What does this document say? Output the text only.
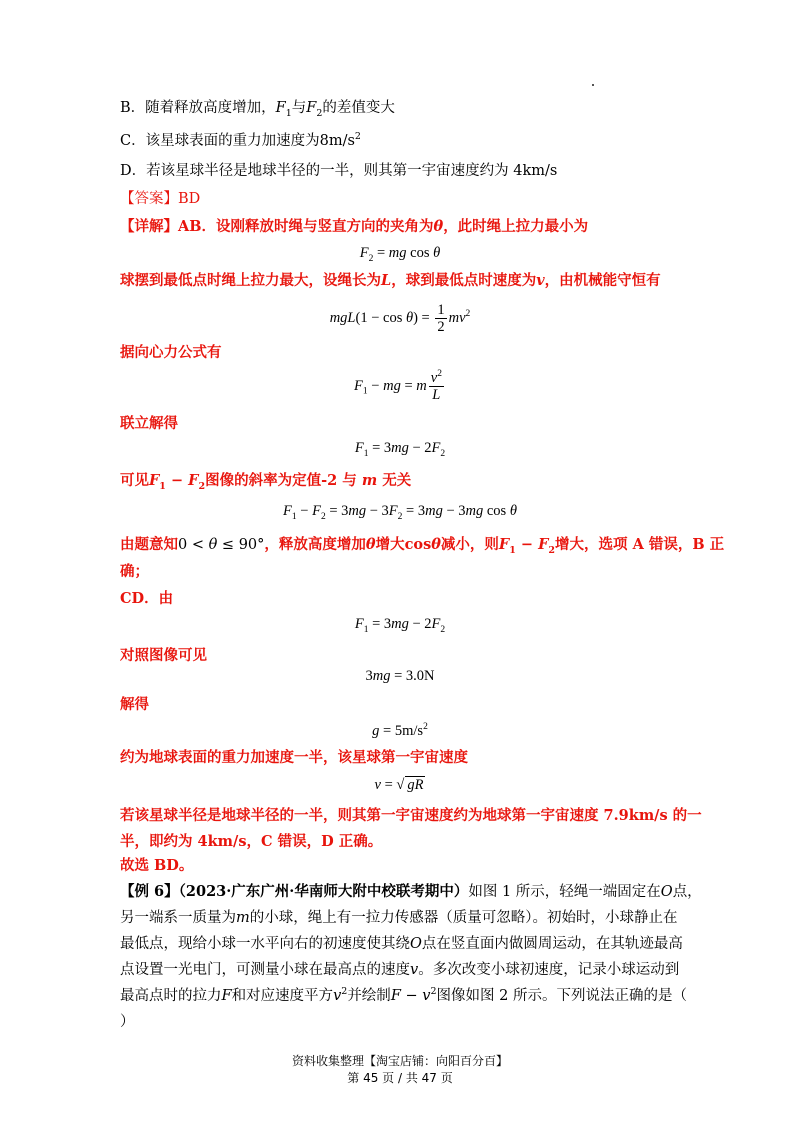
B．随着释放高度增加，$F_1$与$F_2$的差值变大
C．该星球表面的重力加速度为$8m/s^2$
D．若该星球半径是地球半径的一半，则其第一宇宙速度约为 4km/s
【答案】BD
【详解】AB．设刚释放时绳与竖直方向的夹角为θ，此时绳上拉力最小为
$F_2$ = mg cos θ
球摆到最低点时绳上拉力最大，设绳长为L，球到最低点时速度为v，由机械能守恒有
$mgL(1 - \cos \theta) = \frac{1}{2} mv^2$
据向心力公式有
$F_1$ − mg = m $\frac{v^2}{L}$
联立解得
$F_1 = 3mg - 2F_2$
可见$F_1 - F_2$图像的斜率为定值-2 与 m 无关
$F_1 - F_2 = 3mg - 3F_2 = 3mg - 3mg$ cos θ
由题意知0 < θ ≤ 90°，释放高度增加θ增大cosθ减小，则$F_1 - F_2$增大，选项 A 错误，B 正
确；
CD．由
$F_1 = 3mg - 2F_2$
对照图像可见
3mg = 3.0N
解得
$g = 5m/s^2$
约为地球表面的重力加速度一半，该星球第一宇宙速度
v = √ gR
若该星球半径是地球半径的一半，则其第一宇宙速度约为地球第一宇宙速度 7.9km/s 的一
半，即约为 4km/s，C 错误，D 正确。
故选 BD。
【例 6】（2023·广东广州·华南师大附中校联考期中）如图 1 所示，轻绳一端固定在O点，
另一端系一质量为m的小球，绳上有一拉力传感器（质量可忽略）。初始时，小球静止在
最低点，现给小球一水平向右的初速度使其绕O点在竖直面内做圆周运动，在其轨迹最高
点设置一光电门，可测量小球在最高点的速度v。多次改变小球初速度，记录小球运动到
最高点时的拉力F和对应速度平方$v^2$并绘制$F - v^2$图像如图 2 所示。下列说法正确的是（
）
资料收集整理【淘宝店铺：向阳百分百】
第 45 页 / 共 47 页
